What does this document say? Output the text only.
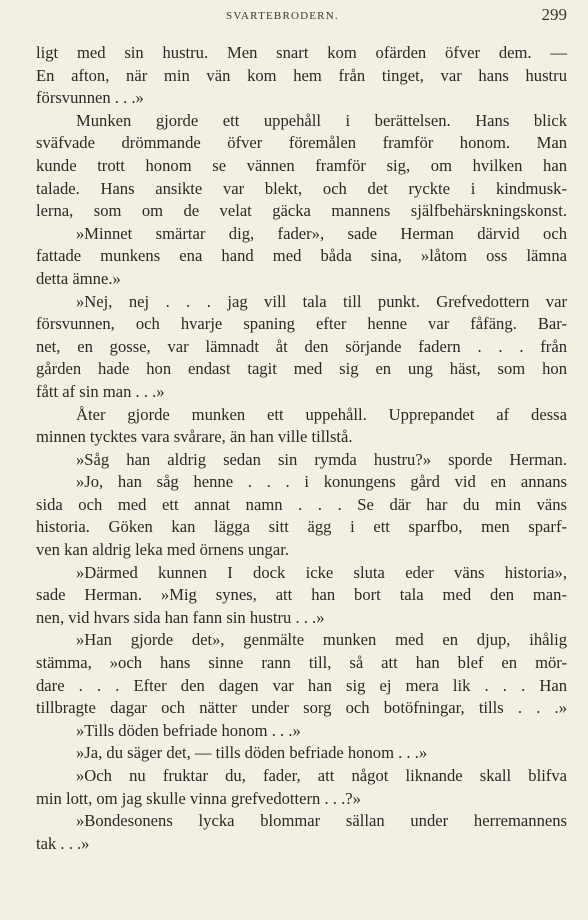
SVARTEBRODERN.	299
ligt med sin hustru. Men snart kom ofärden öfver dem. —
En afton, när min vän kom hem från tinget, var hans hustru
försvunnen . . .»
Munken gjorde ett uppehåll i berättelsen. Hans blick
sväfvade drömmande öfver föremålen framför honom. Man
kunde trott honom se vännen framför sig, om hvilken han
talade. Hans ansikte var blekt, och det ryckte i kindmusk-
lerna, som om de velat gäcka mannens själfbehärskningskonst.
»Minnet smärtar dig, fader», sade Herman därvid och
fattade munkens ena hand med båda sina, »låtom oss lämna
detta ämne.»
»Nej, nej . . . jag vill tala till punkt. Grefvedottern var
försvunnen, och hvarje spaning efter henne var fåfäng. Bar-
net, en gosse, var lämnadt åt den sörjande fadern . . . från
gården hade hon endast tagit med sig en ung häst, som hon
fått af sin man . . .»
Åter gjorde munken ett uppehåll. Upprepandet af dessa
minnen tycktes vara svårare, än han ville tillstå.
»Såg han aldrig sedan sin rymda hustru?» sporde Herman.
»Jo, han såg henne . . . i konungens gård vid en annans
sida och med ett annat namn . . . Se där har du min väns
historia. Göken kan lägga sitt ägg i ett sparfbo, men sparf-
ven kan aldrig leka med örnens ungar.
»Därmed kunnen I dock icke sluta eder väns historia»,
sade Herman. »Mig synes, att han bort tala med den man-
nen, vid hvars sida han fann sin hustru . . .»
»Han gjorde det», genmälte munken med en djup, ihålig
stämma, »och hans sinne rann till, så att han blef en mör-
dare . . . Efter den dagen var han sig ej mera lik . . . Han
tillbragte dagar och nätter under sorg och botöfningar, tills . . .»
»Tills döden befriade honom . . .»
»Ja, du säger det, — tills döden befriade honom . . .»
»Och nu fruktar du, fader, att något liknande skall blifva
min lott, om jag skulle vinna grefvedottern . . .?»
»Bondesonens lycka blommar sällan under herremannens
tak . . .»
